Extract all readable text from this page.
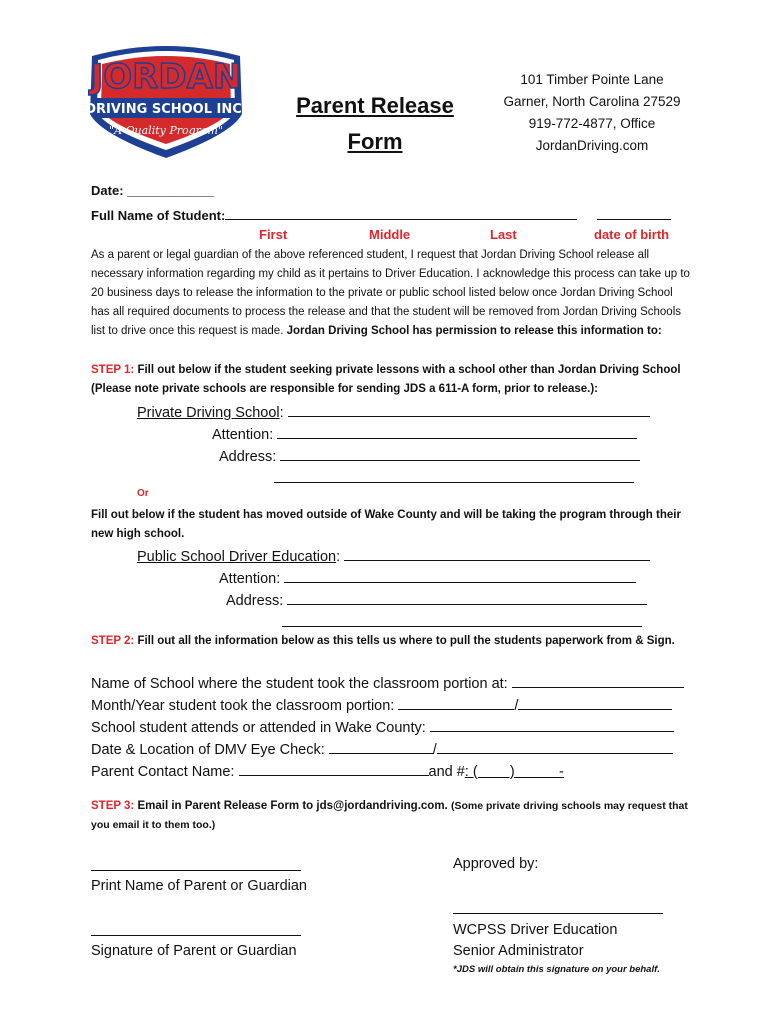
JORDAN
DRIVING SCHOOL INC.
"A Quality Program"
Parent Release
Form
101 Timber Pointe Lane
Garner, North Carolina 27529
919-772-4877, Office
JordanDriving.com
Date: ____________
Full Name of Student:
First	Middle	Last	date of birth
As a parent or legal guardian of the above referenced student, I request that Jordan Driving School release all necessary information regarding my child as it pertains to Driver Education. I acknowledge this process can take up to 20 business days to release the information to the private or public school listed below once Jordan Driving School has all required documents to process the release and that the student will be removed from Jordan Driving Schools list to drive once this request is made. Jordan Driving School has permission to release this information to:
STEP 1: Fill out below if the student seeking private lessons with a school other than Jordan Driving School (Please note private schools are responsible for sending JDS a 611-A form, prior to release.):
Private Driving School:
Attention:
Address:
Or
Fill out below if the student has moved outside of Wake County and will be taking the program through their new high school.
Public School Driver Education:
Attention:
Address:
STEP 2: Fill out all the information below as this tells us where to pull the students paperwork from & Sign.
Name of School where the student took the classroom portion at:
Month/Year student took the classroom portion:	/
School student attends or attended in Wake County:
Date & Location of DMV Eye Check:	/
Parent Contact Name:	and #: (        )           -
STEP 3: Email in Parent Release Form to jds@jordandriving.com. (Some private driving schools may request that you email it to them too.)
Print Name of Parent or Guardian
Signature of Parent or Guardian
Approved by:
WCPSS Driver Education
Senior Administrator
*JDS will obtain this signature on your behalf.
